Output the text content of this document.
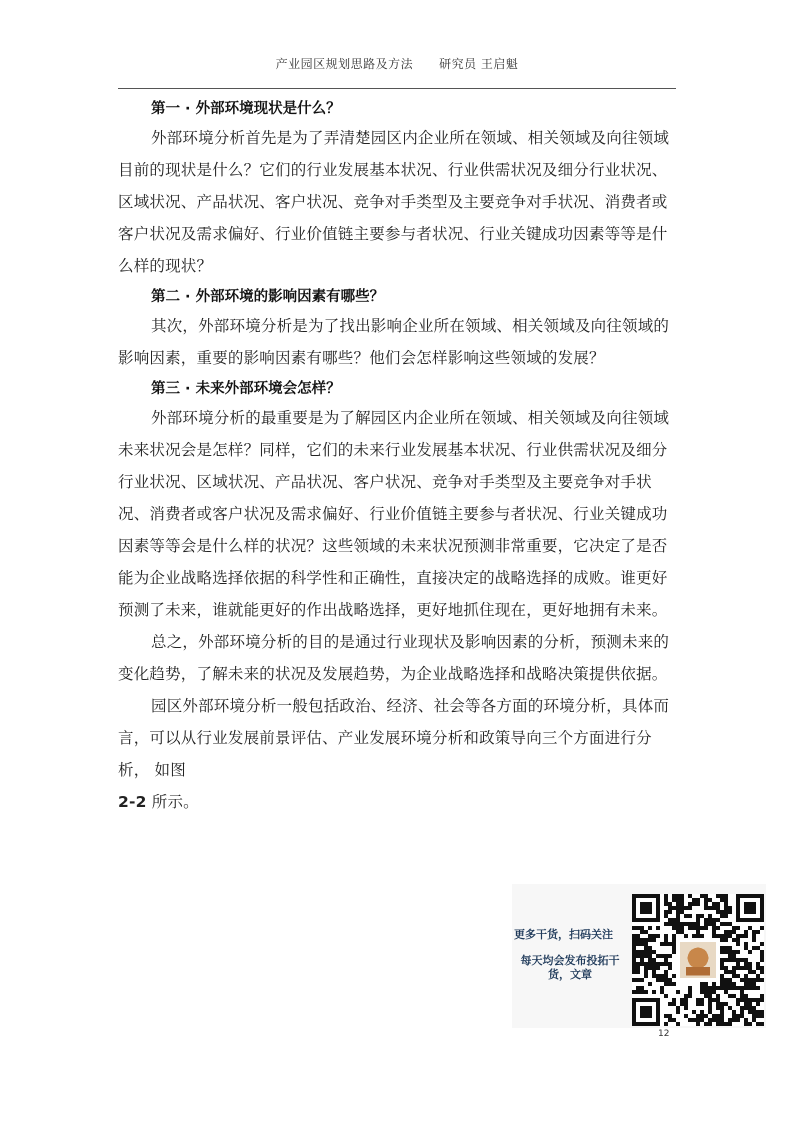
产业园区规划思路及方法 研究员 王启魁

第一 · 外部环境现状是什么？

外部环境分析首先是为了弄清楚园区内企业所在领域、相关领域及向往领域目前的现状是什么？它们的行业发展基本状况、行业供需状况及细分行业状况、区域状况、产品状况、客户状况、竞争对手类型及主要竞争对手状况、消费者或客户状况及需求偏好、行业价值链主要参与者状况、行业关键成功因素等等是什么样的现状？

第二 · 外部环境的影响因素有哪些？

其次，外部环境分析是为了找出影响企业所在领域、相关领域及向往领域的影响因素，重要的影响因素有哪些？他们会怎样影响这些领域的发展？

第三 · 未来外部环境会怎样？

外部环境分析的最重要是为了解园区内企业所在领域、相关领域及向往领域未来状况会是怎样？同样，它们的未来行业发展基本状况、行业供需状况及细分行业状况、区域状况、产品状况、客户状况、竞争对手类型及主要竞争对手状况、消费者或客户状况及需求偏好、行业价值链主要参与者状况、行业关键成功因素等等会是什么样的状况？这些领域的未来状况预测非常重要，它决定了是否能为企业战略选择依据的科学性和正确性，直接决定的战略选择的成败。谁更好预测了未来，谁就能更好的作出战略选择，更好地抓住现在，更好地拥有未来。

总之，外部环境分析的目的是通过行业现状及影响因素的分析，预测未来的变化趋势，了解未来的状况及发展趋势，为企业战略选择和战略决策提供依据。

园区外部环境分析一般包括政治、经济、社会等各方面的环境分析，具体而言，可以从行业发展前景评估、产业发展环境分析和政策导向三个方面进行分析， 如图
2-2 所示。

更多干货，扫码关注
每天均会发布投拓干货，文章
12
